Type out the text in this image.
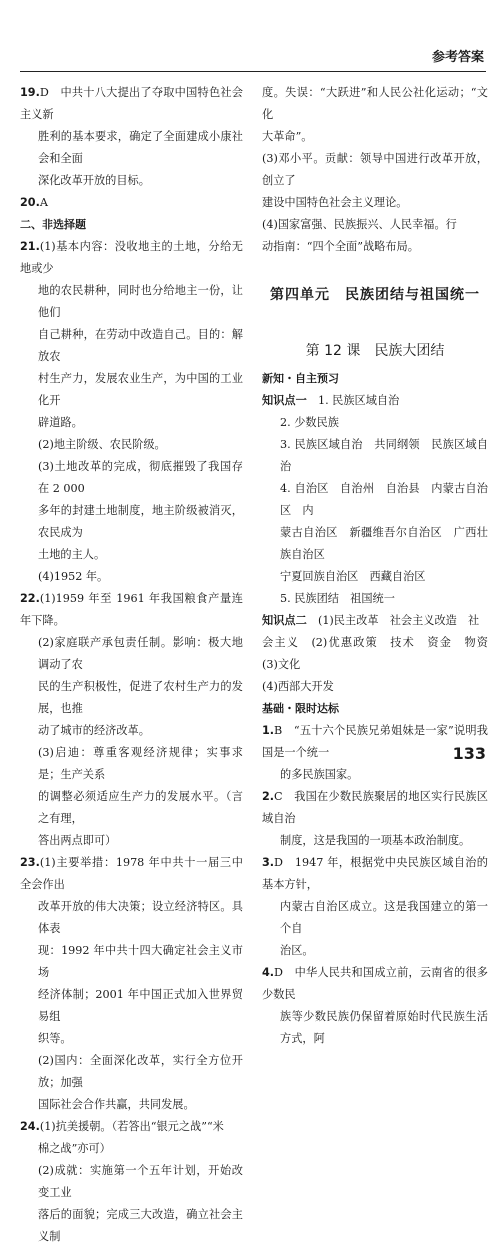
参考答案

19.D　中共十八大提出了夺取中国特色社会主义新

胜利的基本要求，确定了全面建成小康社会和全面

深化改革开放的目标。

20.A

二、非选择题

21.(1)基本内容：没收地主的土地，分给无地或少

地的农民耕种，同时也分给地主一份，让他们

自己耕种，在劳动中改造自己。目的：解放农

村生产力，发展农业生产，为中国的工业化开

辟道路。

(2)地主阶级、农民阶级。

(3)土地改革的完成，彻底摧毁了我国存在 2 000

多年的封建土地制度，地主阶级被消灭，农民成为

土地的主人。

(4)1952 年。

22.(1)1959 年至 1961 年我国粮食产量连年下降。

(2)家庭联产承包责任制。影响：极大地调动了农

民的生产积极性，促进了农村生产力的发展，也推

动了城市的经济改革。

(3)启迪：尊重客观经济规律；实事求是；生产关系

的调整必须适应生产力的发展水平。（言之有理，

答出两点即可）

23.(1)主要举措：1978 年中共十一届三中全会作出

改革开放的伟大决策；设立经济特区。具体表

现：1992 年中共十四大确定社会主义市场

经济体制；2001 年中国正式加入世界贸易组

织等。

(2)国内：全面深化改革，实行全方位开放；加强

国际社会合作共赢，共同发展。

24.(1)抗美援朝。（若答出“银元之战”“米

棉之战”亦可）

(2)成就：实施第一个五年计划，开始改变工业

落后的面貌；完成三大改造，确立社会主义制

度。失误：“大跃进”和人民公社化运动；“文化

大革命”。

(3)邓小平。贡献：领导中国进行改革开放，创立了

建设中国特色社会主义理论。

(4)国家富强、民族振兴、人民幸福。行

动指南：“四个全面”战略布局。

第四单元　民族团结与祖国统一
第 12 课　民族大团结

新知・自主预习

知识点一　1. 民族区域自治

2. 少数民族

3. 民族区域自治　共同纲领　民族区域自治

4. 自治区　自治州　自治县　内蒙古自治区　内

蒙古自治区　新疆维吾尔自治区　广西壮族自治区

宁夏回族自治区　西藏自治区

5. 民族团结　祖国统一

知识点二　(1)民主改革　社会主义改造　社

会主义　(2)优惠政策　技术　资金　物资　(3)文化

(4)西部大开发

基础・限时达标

1.B　“五十六个民族兄弟姐妹是一家”说明我国是一个统一

的多民族国家。

2.C　我国在少数民族聚居的地区实行民族区域自治

制度，这是我国的一项基本政治制度。

3.D　1947 年，根据党中央民族区域自治的基本方针，

内蒙古自治区成立。这是我国建立的第一个自

治区。

4.D　中华人民共和国成立前，云南省的很多少数民

族等少数民族仍保留着原始时代民族生活方式，阿

133
